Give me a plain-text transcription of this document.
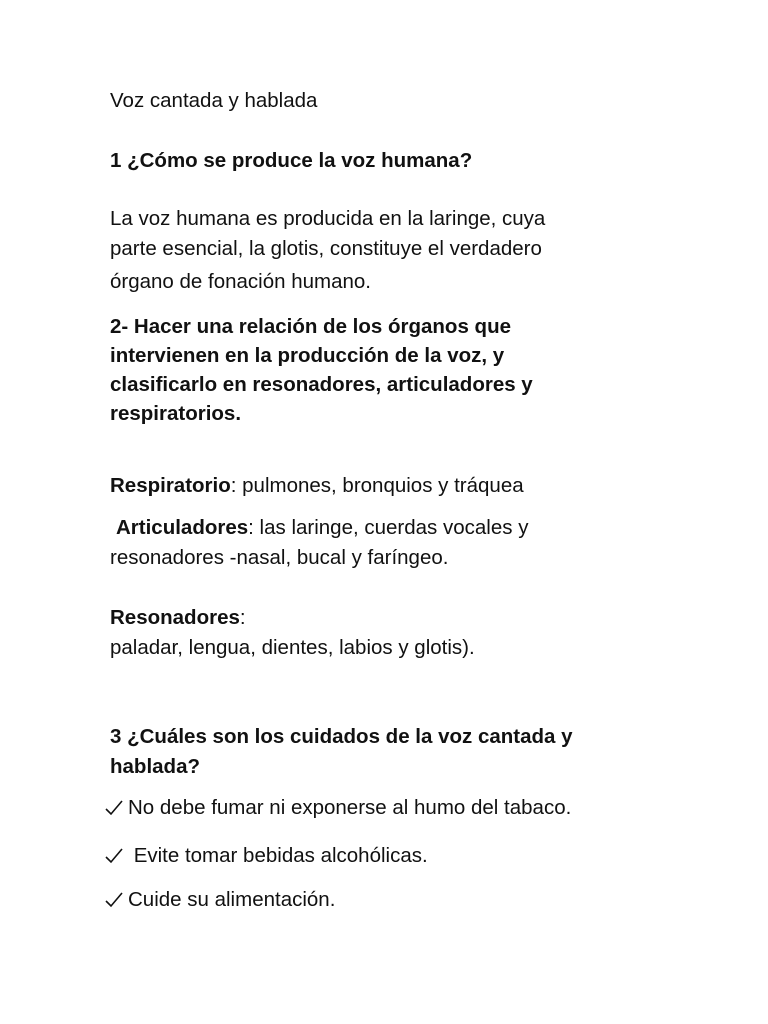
Voz cantada y hablada
1 ¿Cómo se produce la voz humana?
La voz humana es producida en la laringe, cuya
parte esencial, la glotis, constituye el verdadero
órgano de fonación humano.
2- Hacer una relación de los órganos que
intervienen en la producción de la voz, y
clasificarlo en resonadores, articuladores y
respiratorios.
Respiratorio: pulmones, bronquios y tráquea
Articuladores: las laringe, cuerdas vocales y
resonadores -nasal, bucal y faríngeo.
Resonadores:
paladar, lengua, dientes, labios y glotis).
3 ¿Cuáles son los cuidados de la voz cantada y
hablada?
No debe fumar ni exponerse al humo del tabaco.
Evite tomar bebidas alcohólicas.
Cuide su alimentación.
